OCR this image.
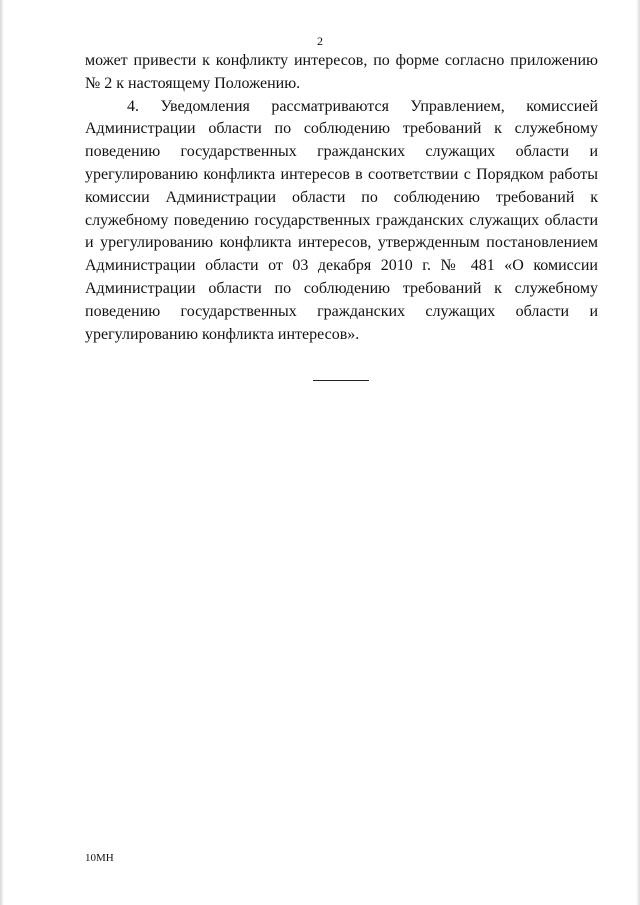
2

может привести к конфликту интересов, по форме согласно приложению № 2 к настоящему Положению.

4. Уведомления рассматриваются Управлением, комиссией Администрации области по соблюдению требований к служебному поведению государственных гражданских служащих области и урегулированию конфликта интересов в соответствии с Порядком работы комиссии Администрации области по соблюдению требований к служебному поведению государственных гражданских служащих области и урегулированию конфликта интересов, утвержденным постановлением Администрации области от 03 декабря 2010 г. № 481 «О комиссии Администрации области по соблюдению требований к служебному поведению государственных гражданских служащих области и урегулированию конфликта интересов».

10МН
